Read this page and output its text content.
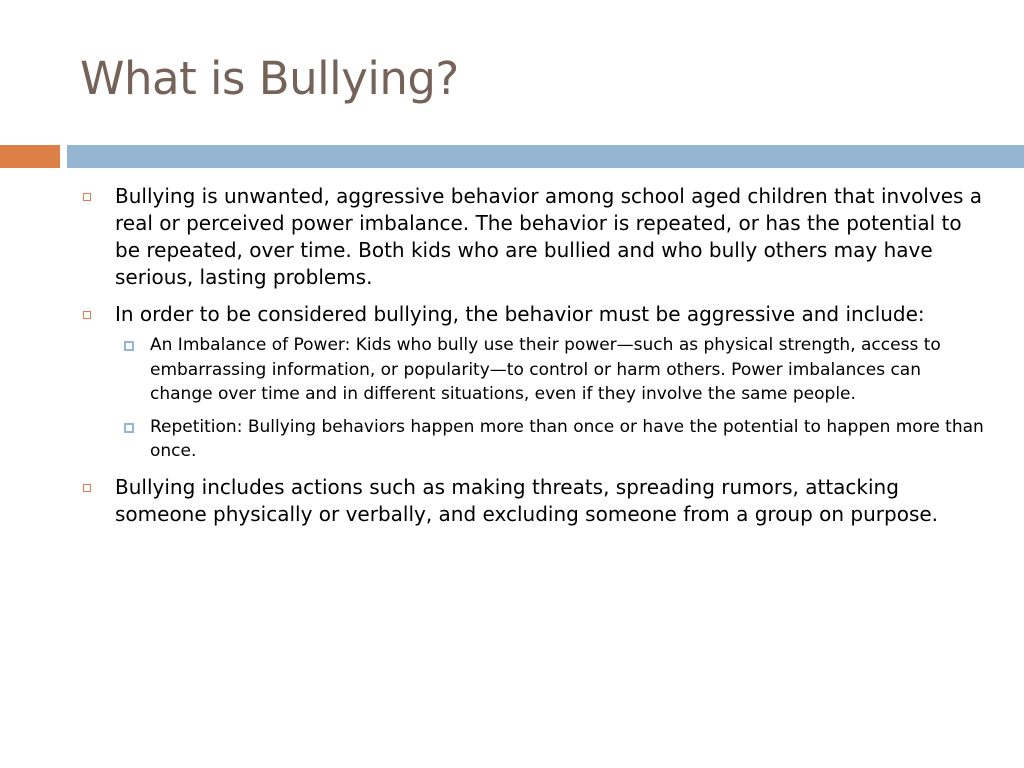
What is Bullying?
Bullying is unwanted, aggressive behavior among school aged children that involves a real or perceived power imbalance. The behavior is repeated, or has the potential to be repeated, over time. Both kids who are bullied and who bully others may have serious, lasting problems.
In order to be considered bullying, the behavior must be aggressive and include:
An Imbalance of Power: Kids who bully use their power—such as physical strength, access to embarrassing information, or popularity—to control or harm others. Power imbalances can change over time and in different situations, even if they involve the same people.
Repetition: Bullying behaviors happen more than once or have the potential to happen more than once.
Bullying includes actions such as making threats, spreading rumors, attacking someone physically or verbally, and excluding someone from a group on purpose.
